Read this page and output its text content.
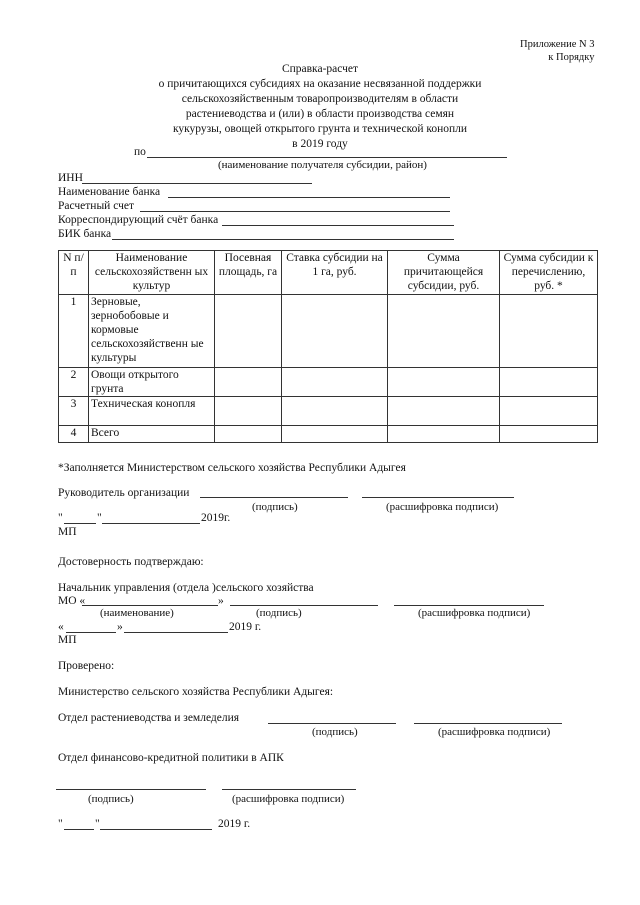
Приложение N 3
к Порядку
Справка-расчет
о причитающихся субсидиях на оказание несвязанной поддержки
сельскохозяйственным товаропроизводителям в области
растениеводства и (или) в области производства семян
кукурузы, овощей открытого грунта и технической конопли
в 2019 году
по
(наименование получателя субсидии, район)
ИНН
Наименование банка
Расчетный счет
Корреспондирующий счёт банка
БИК банка
N п/п	Наименование сельскохозяйственн ых культур	Посевная площадь, га	Ставка субсидии на 1 га, руб.	Сумма причитающейся субсидии, руб.	Сумма субсидии к перечислению, руб. *
1	Зерновые, зернобобовые и кормовые сельскохозяйственн ые культуры				
2	Овощи открытого грунта				
3	Техническая конопля				
4	Всего				
*Заполняется Министерством сельского хозяйства Республики Адыгея
Руководитель организации
(подпись)	(расшифровка подписи)
"	"	2019г.
МП
Достоверность подтверждаю:
Начальник управления (отдела )сельского хозяйства
МО «	»
(наименование)	(подпись)	(расшифровка подписи)
«	»	2019 г.
МП
Проверено:
Министерство сельского хозяйства Республики Адыгея:
Отдел растениеводства и земледелия
(подпись)	(расшифровка подписи)
Отдел финансово-кредитной политики в АПК
(подпись)	(расшифровка подписи)
"	"	2019 г.
